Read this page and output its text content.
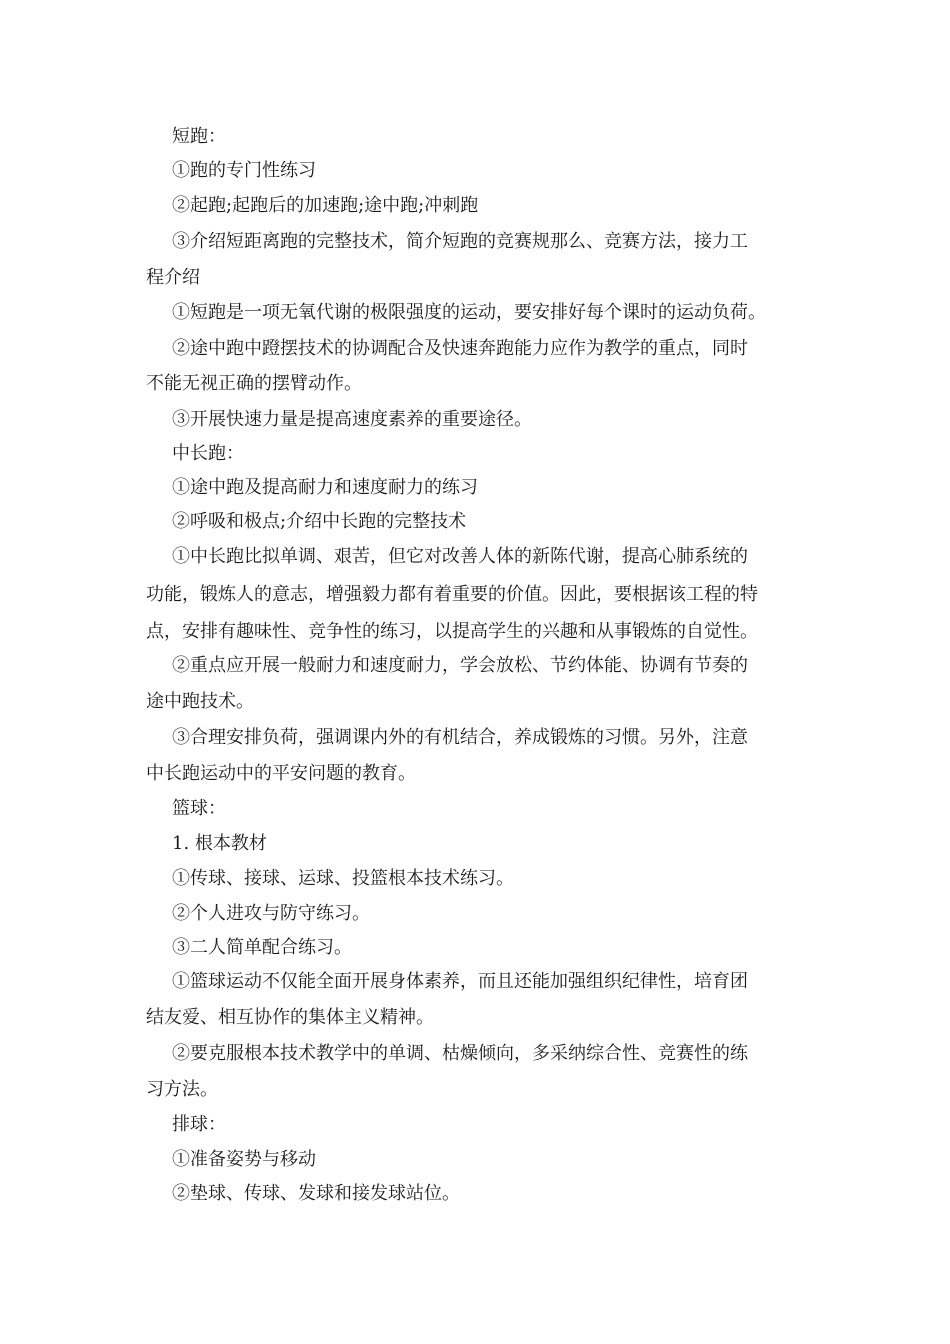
短跑：

①跑的专门性练习

②起跑;起跑后的加速跑;途中跑;冲刺跑

③介绍短距离跑的完整技术，简介短跑的竞赛规那么、竞赛方法，接力工

程介绍

①短跑是一项无氧代谢的极限强度的运动，要安排好每个课时的运动负荷。

②途中跑中蹬摆技术的协调配合及快速奔跑能力应作为教学的重点，同时

不能无视正确的摆臂动作。

③开展快速力量是提高速度素养的重要途径。

中长跑：

①途中跑及提高耐力和速度耐力的练习

②呼吸和极点;介绍中长跑的完整技术

①中长跑比拟单调、艰苦，但它对改善人体的新陈代谢，提高心肺系统的

功能，锻炼人的意志，增强毅力都有着重要的价值。因此，要根据该工程的特

点，安排有趣味性、竞争性的练习，以提高学生的兴趣和从事锻炼的自觉性。

②重点应开展一般耐力和速度耐力，学会放松、节约体能、协调有节奏的

途中跑技术。

③合理安排负荷，强调课内外的有机结合，养成锻炼的习惯。另外，注意

中长跑运动中的平安问题的教育。

篮球：

1. 根本教材

①传球、接球、运球、投篮根本技术练习。

②个人进攻与防守练习。

③二人简单配合练习。

①篮球运动不仅能全面开展身体素养，而且还能加强组织纪律性，培育团

结友爱、相互协作的集体主义精神。

②要克服根本技术教学中的单调、枯燥倾向，多采纳综合性、竞赛性的练

习方法。

排球：

①准备姿势与移动

②垫球、传球、发球和接发球站位。
